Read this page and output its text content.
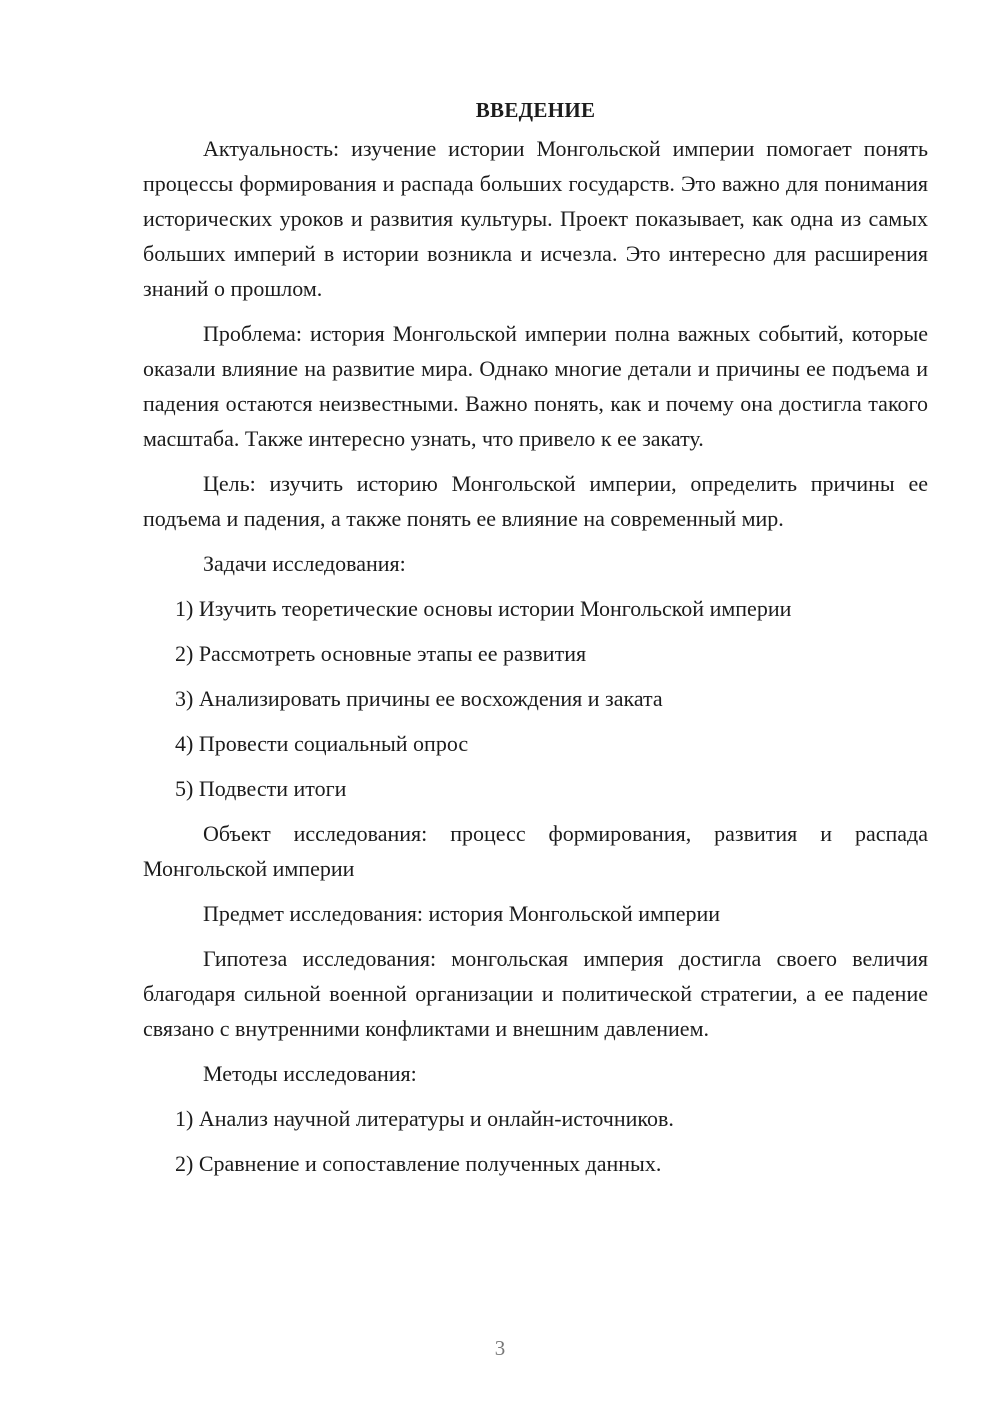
ВВЕДЕНИЕ

Актуальность: изучение истории Монгольской империи помогает понять процессы формирования и распада больших государств. Это важно для понимания исторических уроков и развития культуры. Проект показывает, как одна из самых больших империй в истории возникла и исчезла. Это интересно для расширения знаний о прошлом.

Проблема: история Монгольской империи полна важных событий, которые оказали влияние на развитие мира. Однако многие детали и причины ее подъема и падения остаются неизвестными. Важно понять, как и почему она достигла такого масштаба. Также интересно узнать, что привело к ее закату.

Цель: изучить историю Монгольской империи, определить причины ее подъема и падения, а также понять ее влияние на современный мир.

Задачи исследования:
1) Изучить теоретические основы истории Монгольской империи
2) Рассмотреть основные этапы ее развития
3) Анализировать причины ее восхождения и заката
4) Провести социальный опрос
5) Подвести итоги

Объект исследования: процесс формирования, развития и распада Монгольской империи

Предмет исследования: история Монгольской империи

Гипотеза исследования: монгольская империя достигла своего величия благодаря сильной военной организации и политической стратегии, а ее падение связано с внутренними конфликтами и внешним давлением.

Методы исследования:
1) Анализ научной литературы и онлайн-источников.
2) Сравнение и сопоставление полученных данных.
3
